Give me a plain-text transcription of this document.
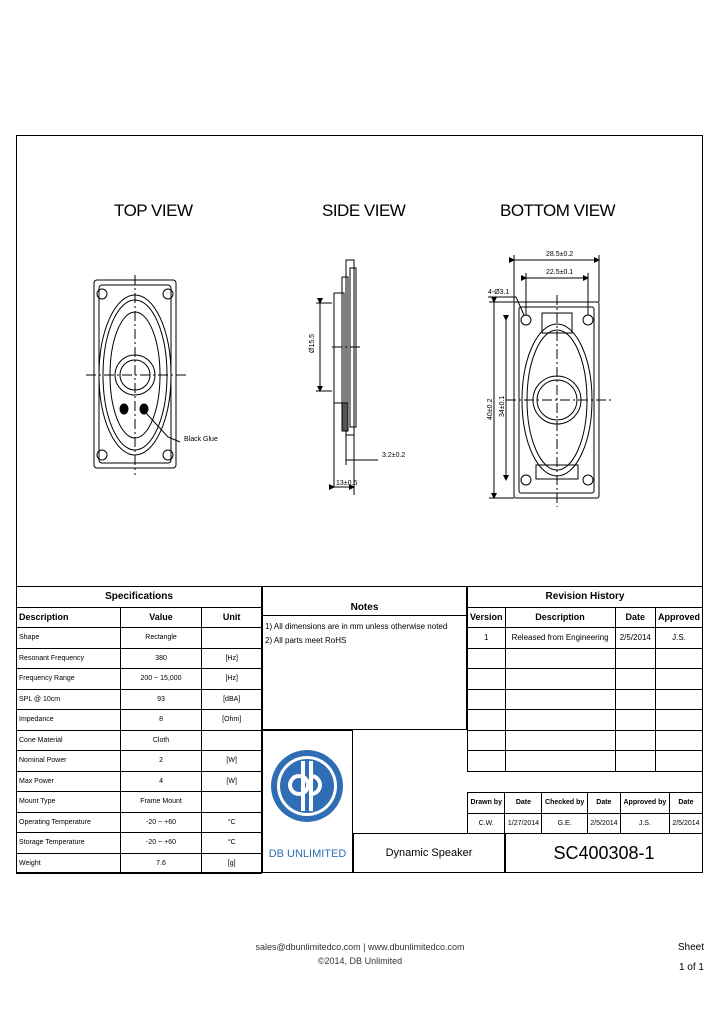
Ø15.5
3.2±0.2
13±0.5
28.5±0.2
22.5±0.1
4-Ø3.1
40±0.2 34±0.1
TOP VIEW	SIDE VIEW	BOTTOM VIEW
Black Glue
Specifications		
Description	Value	Unit
Shape	Rectangle	
Resonant Frequency	380	[Hz]
Frequency Range	200 ~ 15,000	[Hz]
SPL @ 10cm	93	[dBA]
Impedance	8	[Ohm]
Cone Material	Cloth	
Nominal Power	2	[W]
Max Power	4	[W]
Mount Type	Frame Mount	
Operating Temperature	-20 ~ +60	°C
Storage Temperature	-20 ~ +60	°C
Weight	7.6	[g]
Notes
1) All dimensions are in mm unless otherwise noted
2) All parts meet RoHS
DB UNLIMITED
Revision History			
Version	Description	Date	Approved
1	Released from Engineering	2/5/2014	J.S.

Drawn by	Date	Checked by	Date	Approved by	Date
C.W.	1/27/2014	G.E.	2/5/2014	J.S.	2/5/2014
Dynamic Speaker	SC400308-1
sales@dbunlimitedco.com | www.dbunlimitedco.com
©2014, DB Unlimited
Sheet
1 of 1
